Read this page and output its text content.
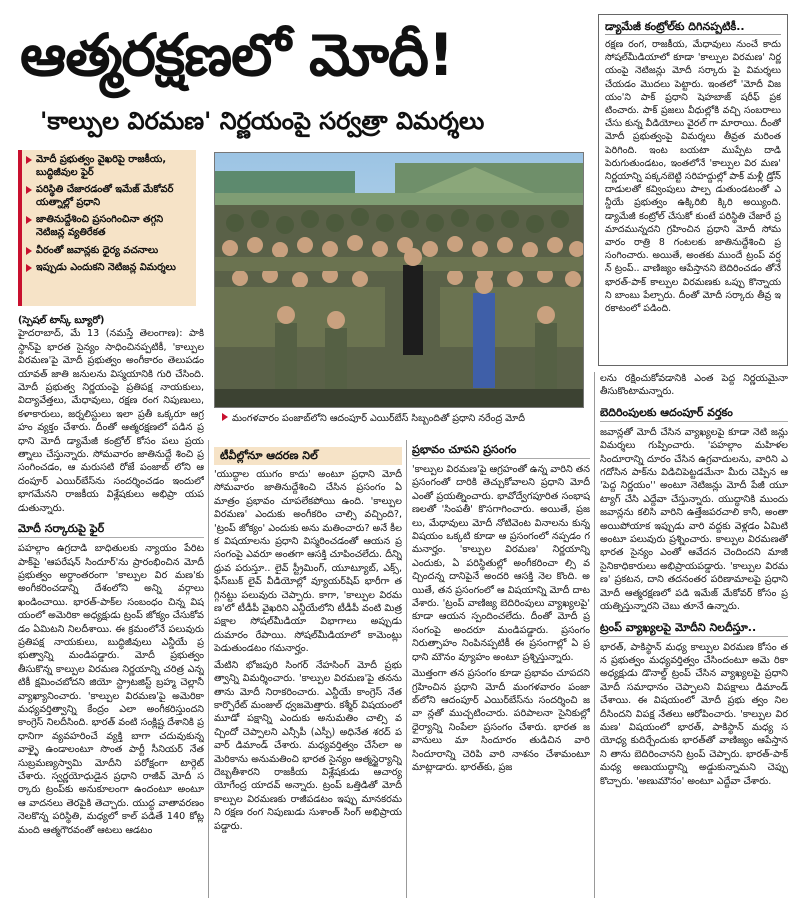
ఆత్మరక్షణలో మోదీ!
'కాల్పుల విరమణ' నిర్ణయంపై సర్వత్రా విమర్శలు
మోదీ ప్రభుత్వం వైఖరిపై రాజకీయ, బుద్ధిజీవుల ఫైర్
పరిస్థితి చేజారడంతో ఇమేజ్ మేకోవర్ యత్నాల్లో ప్రధాని
జాతినుద్దేశించి ప్రసంగించినా తగ్గని నెటిజన్ల వ్యతిరేకత
వీరంతో జవాన్లకు ధైర్య వచనాలు
ఇప్పుడు ఎందుకని నెటిజన్ల విమర్శలు
మంగళవారం పంజాబ్‌లోని ఆదంపూర్ ఎయిర్‌బేస్ సిబ్బందితో ప్రధాని నరేంద్ర మోదీ
డ్యామేజీ కంట్రోల్‌కు దిగినప్పటికీ..
రక్షణ రంగ, రాజకీయ, మేధావులు నుంచే కాదు సోషల్‌మీడియాలో కూడా 'కాల్పుల విరమణ' నిర్ణయంపై నెటిజన్లు మోదీ సర్కారు పై విమర్శలు చేయడం మొదలు పెట్టారు. ఇంతలో 'మోదీ విజయం'ని పాక్ ప్రధాని షెహబాజ్ షరీఫ్ ప్రకటించారు. పాక్ ప్రజలు వీధుల్లోకి వచ్చి సంబరాలు చేసు కున్న వీడియోలు వైరల్ గా మారాయి. దీంతో మోదీ ప్రభుత్వంపై విమర్శలు తీవ్రత మరింత పెరిగింది. ఇంట బయటా ముప్పేట దాడి పెరుగుతుండటం, ఇంతలోనే 'కాల్పుల విర మణ' నిర్ణయాన్ని పక్కనబెట్టి సరిహద్దుల్లో పాక్ మళ్లీ డ్రోన్ దాడులతో కవ్వింపులు పాల్ప డుతుండటంతో ఎన్డీయే ప్రభుత్వం ఉక్కిరిబి క్కిరి అయ్యింది. డ్యామేజీ కంట్రోల్ చేసుకో కుంటే పరిస్థితి చేజారే ప్రమాదమున్నదని గ్రహించిన ప్రధాని మోదీ సోమవారం రాత్రి 8 గంటలకు జాతినుద్దేశించి ప్రసంగించారు. అయితే, అంతకు ముందే ట్రంప్ వర్షన్ ట్రంప్.. వాణిజ్యం ఆపేస్తానని బెదిరించడం తోనే భారత్-పాక్ కాల్పుల విరమణకు ఒప్పు కొన్నాయని బాంబు పేల్చారు. దీంతో మోదీ సర్కారు తీవ్ర ఇరకాటంలో పడింది.
(స్పెషల్ టాస్క్ బ్యూరో)

హైదరాబాద్, మే 13 (నమస్తే తెలంగాణ): పాకి స్థాన్‌పై భారత సైన్యం సాధించినప్పటికీ, 'కాల్పుల విరమణ'పై మోదీ ప్రభుత్వం అంగీకారం తెలుపడం యావత్ జాతి జనులను విస్మయానికి గురి చేసింది. మోదీ ప్రభుత్వ నిర్ణయంపై ప్రతిపక్ష నాయకులు, విద్యావేత్తలు, మేధావులు, రక్షణ రంగ నిపుణులు, కళాకారులు, జర్నలిస్టులు ఇలా ప్రతీ ఒక్కరూ ఆగ్రహం వ్యక్తం చేశారు. దీంతో ఆత్మరక్షణలో పడిన ప్రధాని మోదీ డ్యామేజీ కంట్రోల్‌ కోసం పలు ప్రయత్నాలు చేస్తున్నారు. సోమవారం జాతినుద్దే శించి ప్రసంగించడం, ఆ మరుసటి రోజే పంజాబ్‌ లోని ఆదంపూర్ ఎయిర్‌బేస్‌ను సందర్శించడం ఇందులో భాగమేనని రాజకీయ విశ్లేషకులు అభిప్రా యపడుతున్నారు.

మోదీ సర్కారుపై ఫైర్

పహల్గాం ఉగ్రదాడి బాధితులకు న్యాయం పేరిట పాక్‌పై 'ఆపరేషన్ సిందూర్'ను ప్రారంభించిన మోదీ ప్రభుత్వం అర్ధాంతరంగా 'కాల్పుల విర మణ'కు అంగీకరించడాన్ని దేశంలోని అన్ని వర్గాలు ఖండించాయి. భారత్-పాక్‌ల సంబంధం చిన్న విషయంలో అమెరికా అధ్యక్షుడు ట్రంప్ జోక్యం చేసుకోవడం ఏమిటని నిలదీశాయి. ఈ క్రమంలోనే పలువురు ప్రతిపక్ష నాయకులు, బుద్ధిజీవులు ఎన్డీయే ప్రభుత్వాన్ని మండిపడ్డారు. మోదీ ప్రభుత్వం తీసుకొన్న కాల్పుల విరమణ నిర్ణయాన్ని చరిత్ర ఎన్నటికీ క్షమించబోదని జియో స్ట్రాటజిస్ట్ బ్రహ్మ చెల్లానీ వ్యాఖ్యానించారు. 'కాల్పుల విరమణ'పై అమెరికా మధ్యవర్తిత్వాన్ని కేంద్రం ఎలా అంగీకరిస్తుందని కాంగ్రెస్ నిలదీసింది. భారత్ వంటి సంక్లిష్ట దేశానికి ప్రధానిగా వ్యవహరించే వ్యక్తి బాగా చదువుకున్న వాళ్ళై ఉండాలంటూ సొంత పార్టీ సీనియర్ నేత సుబ్రమణ్యస్వామి మోదీని పరోక్షంగా టార్గెట్ చేశారు. స్వర్ణయోధుడైన ప్రధాని రాజీవ్ మోదీ సర్కారు ట్రంప్‌కు అనుకూలంగా ఉందంటూ అంటూ ఆ వాదనలు తెరపైకి తెచ్చారు. యుద్ధ వాతావరణం నెలకొన్న పరిస్థితి, మధ్యలో కాల్ పడితే 140 కోట్ల మంది ఆత్మగౌరవంతో ఆటలు ఆడటం

టీవీల్లోనూ ఆదరణ నిల్

'యుద్ధాల యుగం కాదు' అంటూ ప్రధాని మోదీ సోమవారం జాతినుద్దేశించి చేసిన ప్రసంగం ఏ మాత్రం ప్రభావం చూపలేకపోయి ఉంది. 'కాల్పుల విరమణ' ఎందుకు అంగీకరిం చాల్సి వచ్చింది?, 'ట్రంప్ జోక్యం' ఎందుకు అను మతించారు? అనే కీలక విషయాలను ప్రధాని విస్మరించడంతో ఆయన ప్రసంగంపై ఎవరూ అంతగా ఆసక్తి చూపించలేదు. దీన్ని ధ్రువ పరుస్తూ.. లైవ్ స్ట్రీమింగ్, యూట్యూబ్, ఎక్స్, ఫేస్‌బుక్ లైవ్ వీడియోల్లో వ్యూయర్‌షిప్ భారీగా తగ్గినట్టు పలువురు చెప్పారు. కాగా, 'కాల్పుల విరమ ణ'లో టీడీపీ వైఖరిని ఎన్డీయేలోని టీడీపీ వంటి మిత్రపక్షాల సోషల్‌మీడియా విభాగాలు అప్పుడు దుమారం రేపాయి. సోషల్‌మీడియాలో కామెంట్లు పెడుతుండటం గమనార్హం.

మేటిని భోజపురి సింగర్ నేహసింగ్ మోదీ ప్రభు త్వాన్ని విమర్శించారు. 'కాల్పుల విరమణ'పై తనను తాను మోదీ నిరాకరించారు. ఎన్డీయే కాంగ్రెస్ నేత కార్పొరేట్ మంజుల్ ధ్వజమెత్తారు. కశ్మీర్ విషయంలో మూడో పక్షాన్ని ఎందుకు అనుమతిం చాల్సి వచ్చిందో చెప్పాలని ఎన్సీపీ (ఎస్పీ) అధినేత శరద్ పవార్ డిమాండ్ చేశారు. మధ్యవర్తిత్వం చేసేలా అమెరికాను అనుమతించి భారత సైన్యం ఆత్మస్థైర్యాన్ని దెబ్బతీశారని రాజకీయ విశ్లేషకుడు ఆచార్య యోగేంద్ర యాదవ్ అన్నారు. ట్రంప్ ఒత్తిడితో మోదీ కాల్పుల విరమణకు రాజీపడటం ఇప్పు మానకరమని రక్షణ రంగ నిపుణుడు సుశాంత్ సింగ్ అభిప్రాయపడ్డారు.

ప్రభావం చూపని ప్రసంగం

'కాల్పుల విరమణ'పై ఆగ్రహంతో ఉన్న వారిని తన ప్రసంగంతో దారికి తెచ్చుకోవాలని ప్రధాని మోదీ ఎంతో ప్రయత్నించారు. భావోద్వేగపూరిత సంభాషణలతో 'సింపతీ' కొసగాగించారు. అయితే, ప్రజలు, మేధావులు మోదీ నోటివెంట వినాలను కున్న విషయం ఒక్కటి కూడా ఆ ప్రసంగంలో నప్పడం గమనార్హం. 'కాల్పుల విరమణ' నిర్ణయాన్ని ఎందుకు, ఏ పరిస్థితుల్లో అంగీకరించా ల్సి వచ్చిందన్న దానిపైనే అందరి ఆసక్తి నెల కొంది. అయితే, తన ప్రసంగంలో ఆ విషయాన్ని మోదీ దాటవేశారు. 'ట్రంప్ వాణిజ్య బెదిరింపులు వ్యాఖ్యలపై' కూడా ఆయన స్పందించలేదు. దీంతో మోదీ ప్రసంగంపై అందరూ మండిపడ్డారు. ప్రసంగం నిరుత్సాహం నింపినప్పటికీ ఈ ప్రసంగాల్లో ఏ ప్రధాని మౌనం వ్యూహం అంటూ ప్రశ్నిస్తున్నారు.

మొత్తంగా తన ప్రసంగం కూడా ప్రభావం చూపదని గ్రహించిన ప్రధాని మోదీ మంగళవారం పంజా బ్‌లోని ఆదంపూర్ ఎయిర్‌బేస్‌ను సందర్శించి జవా న్లతో ముచ్చటించారు. పరిపాలనా సైనికుల్లో ధైర్యాన్ని నింపేలా ప్రసంగం చేశారు. భారత జవానులు మా సిందూరం తుడిచిన వారి సిందూరాన్ని చెరిపి వారి నాశనం చేశామంటూ మాట్లాడారు. భారత్‌కు, ప్రజ

లను రక్షించుకోవడానికి ఎంత పెద్ద నిర్ణయమైనా తీసుకొంటామన్నారు.

బెదిరింపులకు ఆదంపూర్ వర్తకం

జవాన్లతో మోదీ చేసిన వ్యాఖ్యలపై కూడా నెటి జన్లు విమర్శలు గుప్పించారు. 'పహల్గాం మహిళల సిందూరాన్ని దూరం చేసిన ఉగ్రవాదులను, వారిని ఎగదోసిన పాక్‌ను విడిచిపెట్టడమేనా మీరు చెప్పిన ఆ 'పెద్ద నిర్ణయం'' అంటూ నెటిజన్లు మోదీ పేజీ యూ ట్యాగ్ చేసి ఎద్దేవా చేస్తున్నారు. యుద్ధానికి ముందు జవాన్లను కలిసి వారిని ఉత్తేజపరచాలి కానీ, అంతా అయిపోయాక ఇప్పుడు వారి వద్దకు వెళ్లడం ఏమిటి అంటూ పలువురు ప్రశ్నించారు. కాల్పుల విరమణతో భారత సైన్యం ఎంతో ఆవేదన చెందిందని మాజీ సైనికాధికారులు అభిప్రాయపడ్డారు. 'కాల్పుల విరమణ' ప్రకటన, దాని తదనంతర పరిణామాలపై ప్రధాని మోదీ ఆత్మరక్షణలో పడి ఇమేజ్ మేకోవర్ కోసం ప్రయత్నిస్తున్నారని చెబు తూనే ఉన్నారు.

ట్రంప్ వ్యాఖ్యలపై మోదీని నిలదీస్తూ..

భారత్, పాకిస్థాన్ మధ్య కాల్పుల విరమణ కోసం తన ప్రభుత్వం మధ్యవర్తిత్వం చేసిందంటూ అమె రికా అధ్యక్షుడు డొనాల్డ్ ట్రంప్ చేసిన వ్యాఖ్యలపై ప్రధాని మోదీ సమాధానం చెప్పాలని విపక్షాలు డిమాండ్ చేశాయి. ఈ విషయంలో మోదీ ప్రభు త్వం నిలదీసిందని విపక్ష నేతలు ఆరోపించారు. 'కాల్పుల విరమణ' విషయంలో భారత్, పాకిస్థాన్ మధ్య సయోధ్య కుదిర్చేందుకు భారత్‌తో వాణిజ్యం ఆపేస్తానని తాను బెదిరించానని ట్రంప్ చెప్పారు. భారత్-పాక్ మధ్య అణుయుద్ధాన్ని అడ్డుకున్నామని చెప్పు కొచ్చారు. 'అణుమౌనం' అంటూ ఎద్దేవా చేశారు.
